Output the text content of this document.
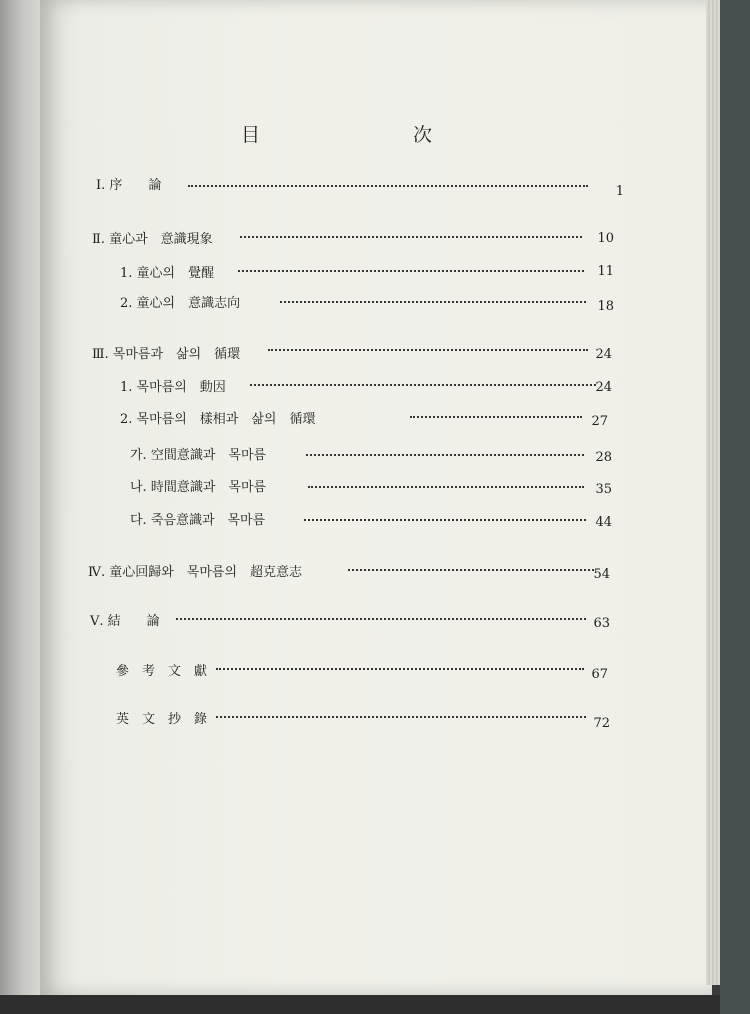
目	次
Ⅰ. 序　　論	1
Ⅱ. 童心과　意識現象	10
1. 童心의　覺醒	11
2. 童心의　意識志向	18
Ⅲ. 목마름과　삶의　循環	24
1. 목마름의　動因	24
2. 목마름의　樣相과　삶의　循環	27
가. 空間意識과　목마름	28
나. 時間意識과　목마름	35
다. 죽음意識과　목마름	44
Ⅳ. 童心回歸와　목마름의　超克意志	54
Ⅴ. 結　　論	63
參　考　文　獻	67
英　文　抄　錄	72
